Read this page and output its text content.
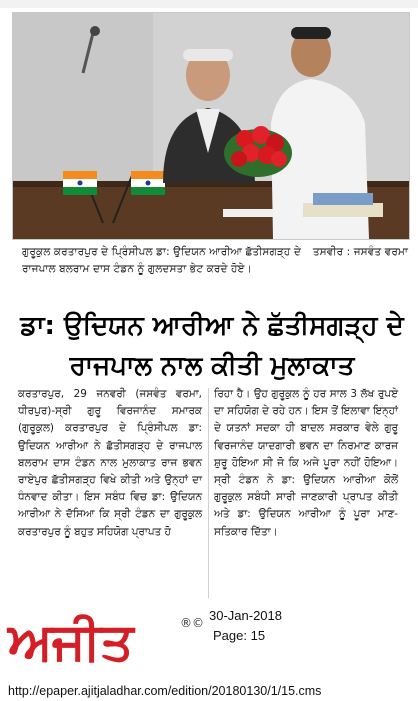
ਤਸਵੀਰ : ਜਸਵੰਤ ਵਰਮਾ
ਗੁਰੂਕੁਲ ਕਰਤਾਰਪੁਰ ਦੇ ਪ੍ਰਿੰਸੀਪਲ ਡਾ: ਉਦਿਯਨ ਆਰੀਆ ਛੱਤੀਸਗੜ੍ਹ ਦੇ ਰਾਜਪਾਲ ਬਲਰਾਮ ਦਾਸ ਟੰਡਨ ਨੂੰ ਗੁਲਦਸਤਾ ਭੇਟ ਕਰਦੇ ਹੋਏ।
ਡਾ: ਉਦਿਯਨ ਆਰੀਆ ਨੇ ਛੱਤੀਸਗੜ੍ਹ ਦੇ ਰਾਜਪਾਲ ਨਾਲ ਕੀਤੀ ਮੁਲਾਕਾਤ
ਕਰਤਾਰਪੁਰ, 29 ਜਨਵਰੀ (ਜਸਵੰਤ ਵਰਮਾ, ਧੀਰਪੁਰ)-ਸ੍ਰੀ ਗੁਰੂ ਵਿਰਜਾਨੰਦ ਸਮਾਰਕ (ਗੁਰੂਕੁਲ) ਕਰਤਾਰਪੁਰ ਦੇ ਪ੍ਰਿੰਸੀਪਲ ਡਾ: ਉਦਿਯਨ ਆਰੀਆ ਨੇ ਛੱਤੀਸਗੜ੍ਹ ਦੇ ਰਾਜਪਾਲ ਬਲਰਾਮ ਦਾਸ ਟੰਡਨ ਨਾਲ ਮੁਲਾਕਾਤ ਰਾਜ ਭਵਨ ਰਾਏਪੁਰ ਛੱਤੀਸਗੜ੍ਹ ਵਿਖੇ ਕੀਤੀ ਅਤੇ ਉਨ੍ਹਾਂ ਦਾ ਧੰਨਵਾਦ ਕੀਤਾ। ਇਸ ਸਬੰਧ ਵਿਚ ਡਾ: ਉਦਿਯਨ ਆਰੀਆ ਨੇ ਦੱਸਿਆ ਕਿ ਸ੍ਰੀ ਟੰਡਨ ਦਾ ਗੁਰੂਕੁਲ ਕਰਤਾਰਪੁਰ ਨੂੰ ਬਹੁਤ ਸਹਿਯੋਗ ਪ੍ਰਾਪਤ ਹੋ
ਰਿਹਾ ਹੈ। ਉਹ ਗੁਰੂਕੁਲ ਨੂੰ ਹਰ ਸਾਲ 3 ਲੱਖ ਰੁਪਏ ਦਾ ਸਹਿਯੋਗ ਦੇ ਰਹੇ ਹਨ। ਇਸ ਤੋਂ ਇਲਾਵਾ ਇਨ੍ਹਾਂ ਦੇ ਯਤਨਾਂ ਸਦਕਾ ਹੀ ਬਾਦਲ ਸਰਕਾਰ ਵੇਲੇ ਗੁਰੂ ਵਿਰਜਾਨੰਦ ਯਾਦਗਾਰੀ ਭਵਨ ਦਾ ਨਿਰਮਾਣ ਕਾਰਜ ਸ਼ੁਰੂ ਹੋਇਆ ਸੀ ਜੋ ਕਿ ਅਜੇ ਪੂਰਾ ਨਹੀਂ ਹੋਇਆ। ਸ੍ਰੀ ਟੰਡਨ ਨੇ ਡਾ: ਉਦਿਯਨ ਆਰੀਆ ਕੋਲੋਂ ਗੁਰੂਕੁਲ ਸਬੰਧੀ ਸਾਰੀ ਜਾਣਕਾਰੀ ਪ੍ਰਾਪਤ ਕੀਤੀ ਅਤੇ ਡਾ: ਉਦਿਯਨ ਆਰੀਆ ਨੂੰ ਪੂਰਾ ਮਾਣ-ਸਤਿਕਾਰ ਦਿੱਤਾ।
ਅਜੀਤ	®© 30-Jan-2018
Page: 15
http://epaper.ajitjaladhar.com/edition/20180130/1/15.cms
